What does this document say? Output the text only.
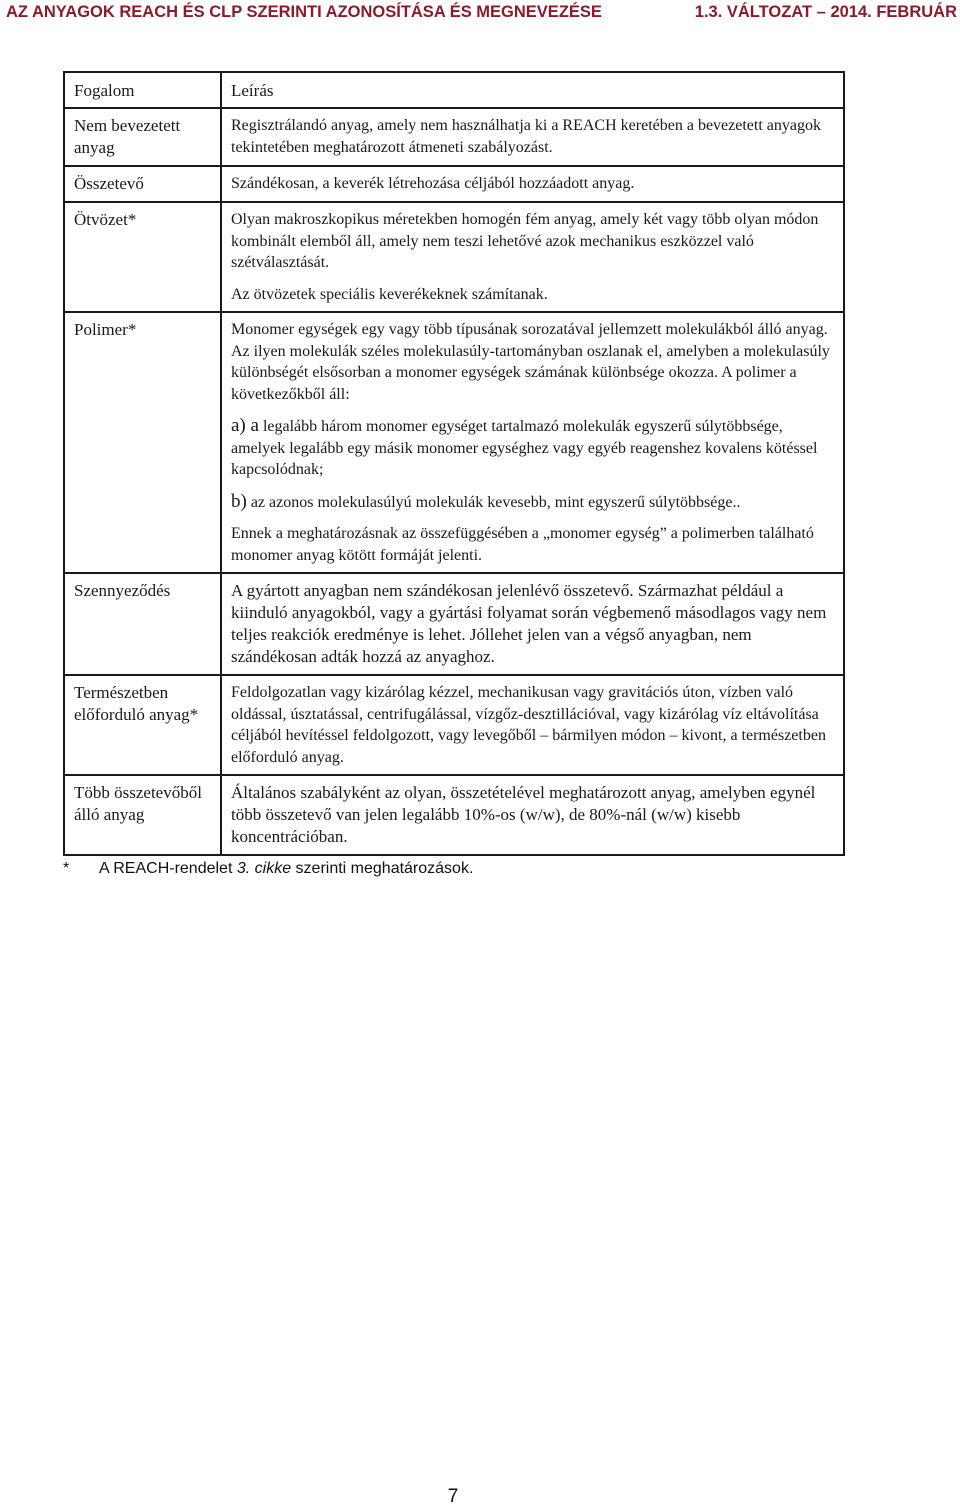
AZ ANYAGOK REACH ÉS CLP SZERINTI AZONOSÍTÁSA ÉS MEGNEVEZÉSE	1.3. VÁLTOZAT – 2014. FEBRUÁR
Fogalom	Leírás
Nem bevezetett anyag	Regisztrálandó anyag, amely nem használhatja ki a REACH keretében a bevezetett anyagok tekintetében meghatározott átmeneti szabályozást.

Összetevő	Szándékosan, a keverék létrehozása céljából hozzáadott anyag.

Ötvözet*	Olyan makroszkopikus méretekben homogén fém anyag, amely két vagy több olyan módon kombinált elemből áll, amely nem teszi lehetővé azok mechanikus eszközzel való szétválasztását.

Az ötvözetek speciális keverékeknek számítanak.

Polimer*	Monomer egységek egy vagy több típusának sorozatával jellemzett molekulákból álló anyag. Az ilyen molekulák széles molekulasúly-tartományban oszlanak el, amelyben a molekulasúly különbségét elsősorban a monomer egységek számának különbsége okozza. A polimer a következőkből áll:

a) a legalább három monomer egységet tartalmazó molekulák egyszerű súlytöbbsége, amelyek legalább egy másik monomer egységhez vagy egyéb reagenshez kovalens kötéssel kapcsolódnak;

b) az azonos molekulasúlyú molekulák kevesebb, mint egyszerű súlytöbbsége..

Ennek a meghatározásnak az összefüggésében a „monomer egység” a polimerben található monomer anyag kötött formáját jelenti.

Szennyeződés	A gyártott anyagban nem szándékosan jelenlévő összetevő. Származhat például a kiinduló anyagokból, vagy a gyártási folyamat során végbemenő másodlagos vagy nem teljes reakciók eredménye is lehet. Jóllehet jelen van a végső anyagban, nem szándékosan adták hozzá az anyaghoz.

Természetben előforduló anyag*	Feldolgozatlan vagy kizárólag kézzel, mechanikusan vagy gravitációs úton, vízben való oldással, úsztatással, centrifugálással, vízgőz-desztillációval, vagy kizárólag víz eltávolítása céljából hevítéssel feldolgozott, vagy levegőből – bármilyen módon – kivont, a természetben előforduló anyag.

Több összetevőből álló anyag	Általános szabályként az olyan, összetételével meghatározott anyag, amelyben egynél több összetevő van jelen legalább 10%-os (w/w), de 80%-nál (w/w) kisebb koncentrációban.

* A REACH-rendelet 3. cikke szerinti meghatározások.
7
